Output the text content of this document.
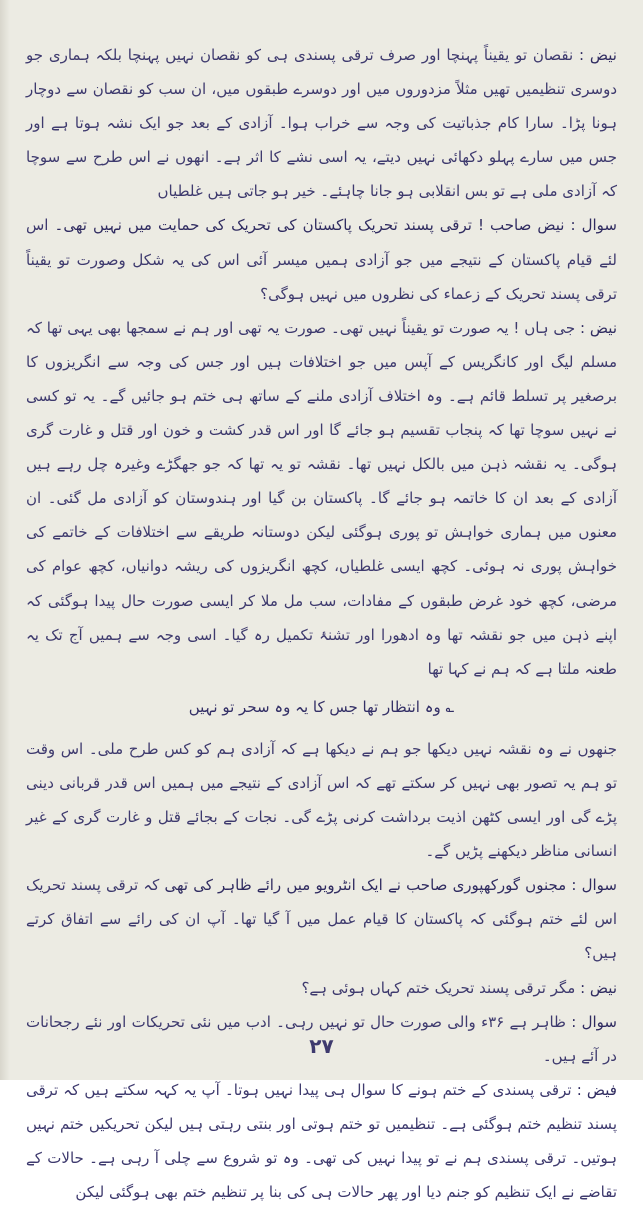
نیض : نقصان تو یقیناً پہنچا اور صرف ترقی پسندی ہی کو نقصان نہیں پہنچا بلکہ ہماری جو دوسری تنظیمیں تھیں مثلاً مزدوروں میں اور دوسرے طبقوں میں، ان سب کو نقصان سے دوچار ہونا پڑا۔ سارا کام جذباتیت کی وجہ سے خراب ہوا۔ آزادی کے بعد جو ایک نشہ ہوتا ہے اور جس میں سارے پہلو دکھائی نہیں دیتے، یہ اسی نشے کا اثر ہے۔ انھوں نے اس طرح سے سوچا کہ آزادی ملی ہے تو بس انقلابی ہو جانا چاہئے۔ خیر ہو جاتی ہیں غلطیاں

سوال : نیض صاحب ! ترقی پسند تحریک پاکستان کی تحریک کی حمایت میں نہیں تھی۔ اس لئے قیام پاکستان کے نتیجے میں جو آزادی ہمیں میسر آئی اس کی یہ شکل وصورت تو یقیناً ترقی پسند تحریک کے زعماء کی نظروں میں نہیں ہوگی؟

نیض : جی ہاں ! یہ صورت تو یقیناً نہیں تھی۔ صورت یہ تھی اور ہم نے سمجھا بھی یہی تھا کہ مسلم لیگ اور کانگریس کے آپس میں جو اختلافات ہیں اور جس کی وجہ سے انگریزوں کا برصغیر پر تسلط قائم ہے۔ وہ اختلاف آزادی ملنے کے ساتھ ہی ختم ہو جائیں گے۔ یہ تو کسی نے نہیں سوچا تھا کہ پنجاب تقسیم ہو جائے گا اور اس قدر کشت و خون اور قتل و غارت گری ہوگی۔ یہ نقشہ ذہن میں بالکل نہیں تھا۔ نقشہ تو یہ تھا کہ جو جھگڑے وغیرہ چل رہے ہیں آزادی کے بعد ان کا خاتمہ ہو جائے گا۔ پاکستان بن گیا اور ہندوستان کو آزادی مل گئی۔ ان معنوں میں ہماری خواہش تو پوری ہوگئی لیکن دوستانہ طریقے سے اختلافات کے خاتمے کی خواہش پوری نہ ہوئی۔ کچھ ایسی غلطیاں، کچھ انگریزوں کی ریشہ دوانیاں، کچھ عوام کی مرضی، کچھ خود غرض طبقوں کے مفادات، سب مل ملا کر ایسی صورت حال پیدا ہوگئی کہ اپنے ذہن میں جو نقشہ تھا وہ ادھورا اور تشنۂ تکمیل رہ گیا۔ اسی وجہ سے ہمیں آج تک یہ طعنہ ملتا ہے کہ ہم نے کہا تھا

؎ وہ انتظار تھا جس کا یہ وہ سحر تو نہیں

جنھوں نے وہ نقشہ نہیں دیکھا جو ہم نے دیکھا ہے کہ آزادی ہم کو کس طرح ملی۔ اس وقت تو ہم یہ تصور بھی نہیں کر سکتے تھے کہ اس آزادی کے نتیجے میں ہمیں اس قدر قربانی دینی پڑے گی اور ایسی کٹھن اذیت برداشت کرنی پڑے گی۔ نجات کے بجائے قتل و غارت گری کے غیر انسانی مناظر دیکھنے پڑیں گے۔

سوال : مجنوں گورکھپوری صاحب نے ایک انٹرویو میں رائے ظاہر کی تھی کہ ترقی پسند تحریک اس لئے ختم ہوگئی کہ پاکستان کا قیام عمل میں آ گیا تھا۔ آپ ان کی رائے سے اتفاق کرتے ہیں؟

نیض : مگر ترقی پسند تحریک ختم کہاں ہوئی ہے؟

سوال : ظاہر ہے ۳۶ء والی صورت حال تو نہیں رہی۔ ادب میں نئی تحریکات اور نئے رجحانات در آئے ہیں۔

فیض : ترقی پسندی کے ختم ہونے کا سوال ہی پیدا نہیں ہوتا۔ آپ یہ کہہ سکتے ہیں کہ ترقی پسند تنظیم ختم ہوگئی ہے۔ تنظیمیں تو ختم ہوتی اور بنتی رہتی ہیں لیکن تحریکیں ختم نہیں ہوتیں۔ ترقی پسندی ہم نے تو پیدا نہیں کی تھی۔ وہ تو شروع سے چلی آ رہی ہے۔ حالات کے تقاضے نے ایک تنظیم کو جنم دیا اور پھر حالات ہی کی بنا پر تنظیم ختم بھی ہوگئی لیکن

۲۷
